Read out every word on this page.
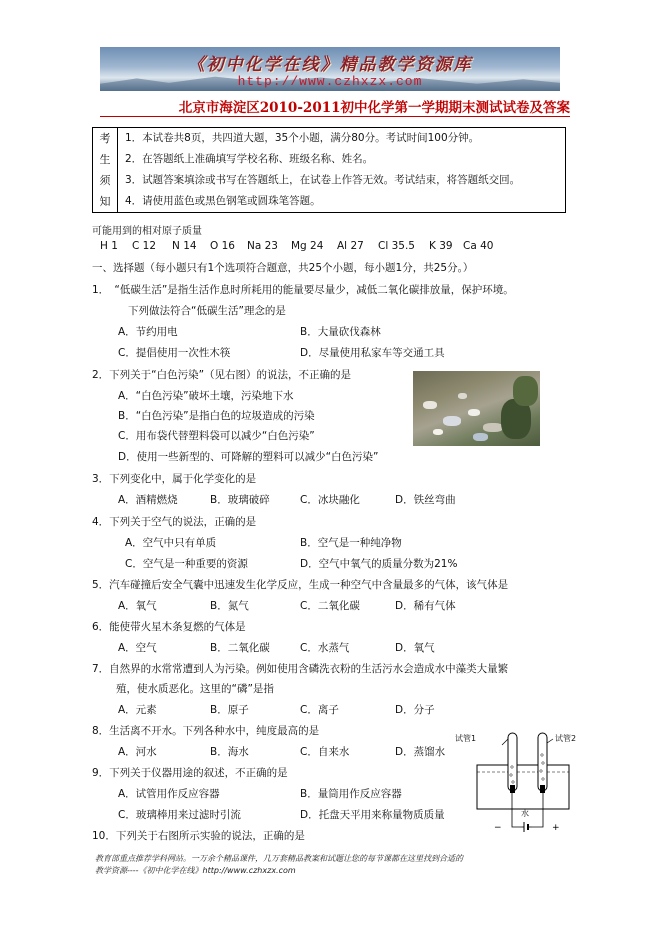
《初中化学在线》精品教学资源库
http://www.czhxzx.com
北京市海淀区2010-2011初中化学第一学期期末测试试卷及答案
考
生
须
知
1．本试卷共8页，共四道大题，35个小题，满分80分。考试时间100分钟。
2．在答题纸上准确填写学校名称、班级名称、姓名。
3．试题答案填涂或书写在答题纸上，在试卷上作答无效。考试结束，将答题纸交回。
4．请使用蓝色或黑色钢笔或圆珠笔答题。
可能用到的相对原子质量
H 1 C 12 N 14 O 16 Na 23 Mg 24 Al 27 Cl 35.5 K 39 Ca 40
一、选择题（每小题只有1个选项符合题意，共25个小题，每小题1分，共25分。）
1．　“低碳生活”是指生活作息时所耗用的能量要尽量少，减低二氧化碳排放量，保护环境。
下列做法符合“低碳生活”理念的是
A．节约用电	B．大量砍伐森林
C．提倡使用一次性木筷	D．尽量使用私家车等交通工具
2．下列关于“白色污染”（见右图）的说法，不正确的是
A．“白色污染”破坏土壤，污染地下水
B．“白色污染”是指白色的垃圾造成的污染
C．用布袋代替塑料袋可以减少“白色污染”
D．使用一些新型的、可降解的塑料可以减少“白色污染”
3．下列变化中，属于化学变化的是
A．酒精燃烧	B．玻璃破碎	C．冰块融化	D．铁丝弯曲
4．下列关于空气的说法，正确的是
A．空气中只有单质	B．空气是一种纯净物
C．空气是一种重要的资源	D．空气中氧气的质量分数为21%
5．汽车碰撞后安全气囊中迅速发生化学反应，生成一种空气中含量最多的气体，该气体是
A．氧气	B．氮气	C．二氧化碳	D．稀有气体
6．能使带火星木条复燃的气体是
A．空气	B．二氧化碳	C．水蒸气	D．氧气
7．自然界的水常常遭到人为污染。例如使用含磷洗衣粉的生活污水会造成水中藻类大量繁
殖，使水质恶化。这里的“磷”是指
A．元素	B．原子	C．离子	D．分子
8．生活离不开水。下列各种水中，纯度最高的是
A．河水	B．海水	C．自来水	D．蒸馏水
9．下列关于仪器用途的叙述，不正确的是
A．试管用作反应容器	B．量筒用作反应容器
C．玻璃棒用来过滤时引流	D．托盘天平用来称量物质质量
10．下列关于右图所示实验的说法，正确的是
−	+
试管1	试管2
水
教育部重点推荐学科网站。一万余个精品课件，几万套精品教案和试题让您的每节课都在这里找到合适的
教学资源----《初中化学在线》http://www.czhxzx.com
